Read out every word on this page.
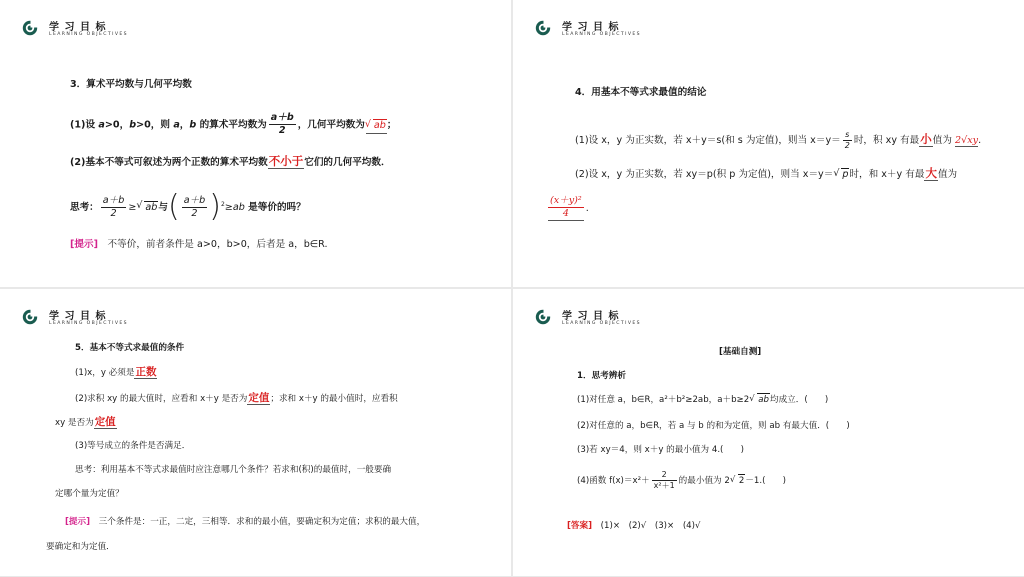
学 习 目 标
LEARNING OBJECTIVES
3．算术平均数与几何平均数
(1)设 a>0，b>0，则 a，b 的算术平均数为 $\frac{a+b}{2}$ ，几何平均数为 √ ab；
(2)基本不等式可叙述为两个正数的算术平均数不小于它们的几何平均数．
思考： $\frac{a+b}{2}$ ≥ √ ab与( $\frac{a+b}{2} )^2\ge ab$ 是等价的吗？
[提示]　不等价，前者条件是 a>0，b>0，后者是 a，b∈R.
学 习 目 标
LEARNING OBJECTIVES
4．用基本不等式求最值的结论
(1)设 x，y 为正实数，若 x＋y＝s(和 s 为定值)，则当 $x=y= \frac{s}{2}$ 时，积 xy 有最小值为 2√xy.
(2)设 x，y 为正实数，若 xy＝p(积 p 为定值)，则当 x＝y＝ √ p时，和 x＋y 有最大值为
$\frac{\text{(x＋y)²}}{4}$ .
学 习 目 标
LEARNING OBJECTIVES
5．基本不等式求最值的条件
(1)x，y 必须是正数
(2)求积 xy 的最大值时，应看和 x＋y 是否为定值；求和 x＋y 的最小值时，应看积
xy 是否为定值
(3)等号成立的条件是否满足．
思考：利用基本不等式求最值时应注意哪几个条件？若求和(积)的最值时，一般要确
定哪个量为定值？
[提示]　三个条件是：一正，二定，三相等．求和的最小值，要确定积为定值；求积的最大值，
要确定和为定值．
学 习 目 标
LEARNING OBJECTIVES
[基础自测]
1．思考辨析
(1)对任意 a，b∈R，a²＋b²≥2ab，a＋b≥2 √ ab均成立．(　　)
(2)对任意的 a，b∈R，若 a 与 b 的和为定值，则 ab 有最大值．(　　)
(3)若 xy＝4，则 x＋y 的最小值为 4.(　　)
(4)函数 $f(x)=x^2+ \frac{2}{\text{x²＋1}}$ 的最小值为 2 √ 2－1.(　　)
[答案]　(1)×　(2)√　(3)×　(4)√
